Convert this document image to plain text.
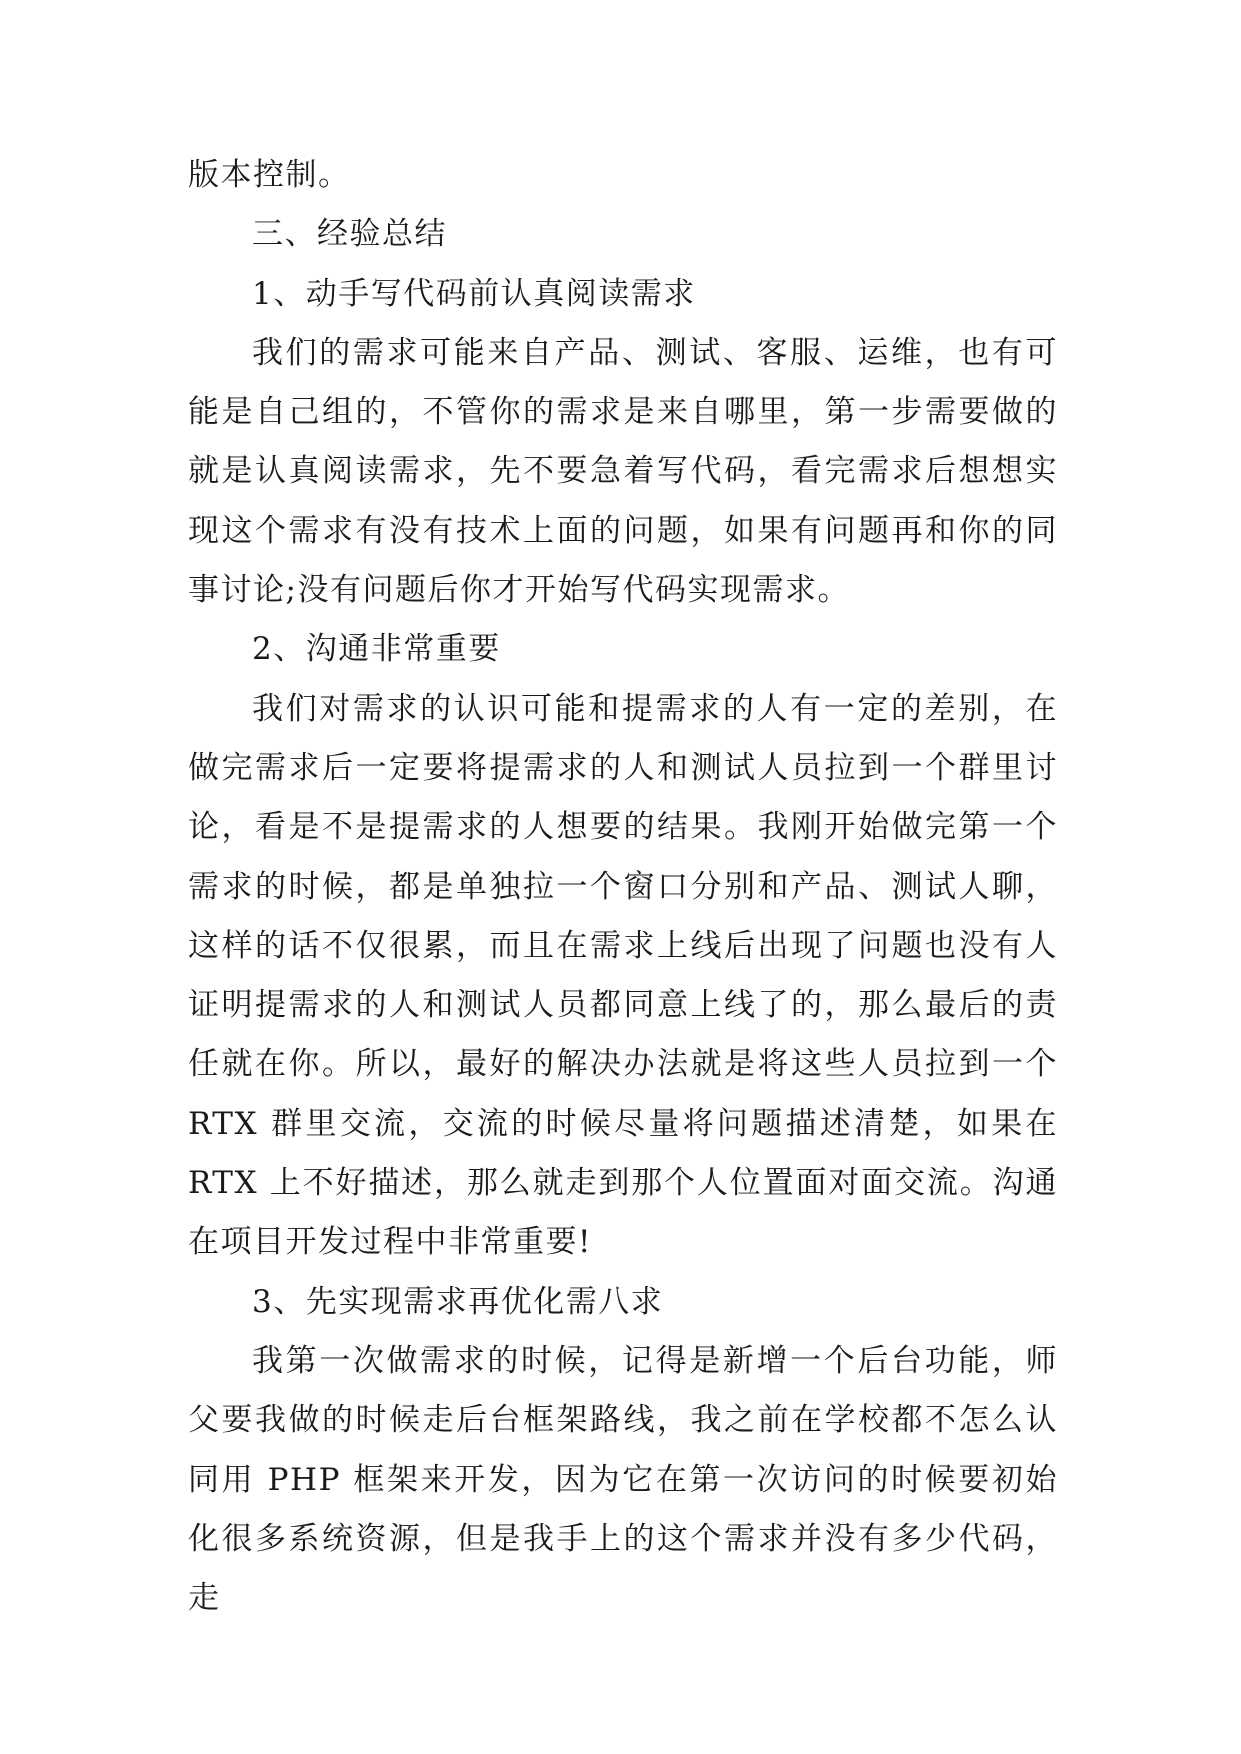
版本控制。

三、经验总结

1、动手写代码前认真阅读需求

我们的需求可能来自产品、测试、客服、运维，也有可能是自己组的，不管你的需求是来自哪里，第一步需要做的就是认真阅读需求，先不要急着写代码，看完需求后想想实现这个需求有没有技术上面的问题，如果有问题再和你的同事讨论;没有问题后你才开始写代码实现需求。

2、沟通非常重要

我们对需求的认识可能和提需求的人有一定的差别，在做完需求后一定要将提需求的人和测试人员拉到一个群里讨论，看是不是提需求的人想要的结果。我刚开始做完第一个需求的时候，都是单独拉一个窗口分别和产品、测试人聊，这样的话不仅很累，而且在需求上线后出现了问题也没有人证明提需求的人和测试人员都同意上线了的，那么最后的责任就在你。所以，最好的解决办法就是将这些人员拉到一个RTX 群里交流，交流的时候尽量将问题描述清楚，如果在 RTX 上不好描述，那么就走到那个人位置面对面交流。沟通在项目开发过程中非常重要!

3、先实现需求再优化需八求

我第一次做需求的时候，记得是新增一个后台功能，师父要我做的时候走后台框架路线，我之前在学校都不怎么认同用 PHP 框架来开发，因为它在第一次访问的时候要初始化很多系统资源，但是我手上的这个需求并没有多少代码，走
